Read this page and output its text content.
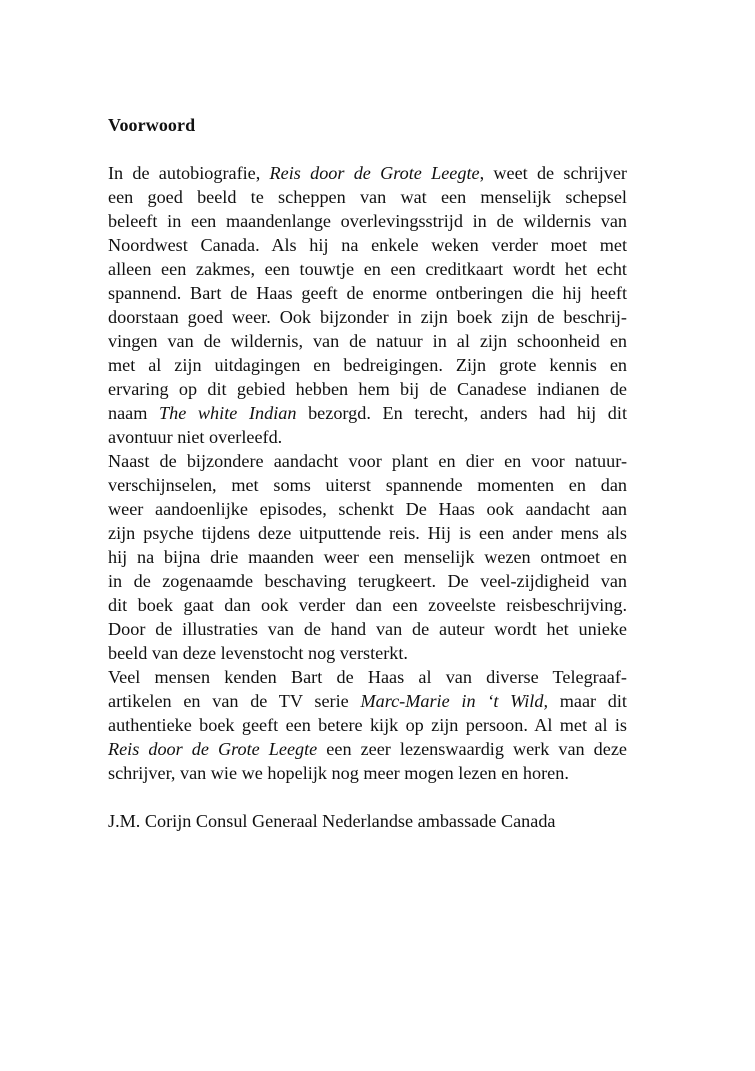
Voorwoord

In de autobiografie, Reis door de Grote Leegte, weet de schrijver
een goed beeld te scheppen van wat een menselijk schepsel
beleeft in een maandenlange overlevingsstrijd in de wildernis van
Noordwest Canada. Als hij na enkele weken verder moet met
alleen een zakmes, een touwtje en een creditkaart wordt het echt
spannend. Bart de Haas geeft de enorme ontberingen die hij heeft
doorstaan goed weer. Ook bijzonder in zijn boek zijn de beschrij-
vingen van de wildernis, van de natuur in al zijn schoonheid en
met al zijn uitdagingen en bedreigingen. Zijn grote kennis en
ervaring op dit gebied hebben hem bij de Canadese indianen de
naam The white Indian bezorgd. En terecht, anders had hij dit
avontuur niet overleefd.

Naast de bijzondere aandacht voor plant en dier en voor natuur-
verschijnselen, met soms uiterst spannende momenten en dan
weer aandoenlijke episodes, schenkt De Haas ook aandacht aan
zijn psyche tijdens deze uitputtende reis. Hij is een ander mens als
hij na bijna drie maanden weer een menselijk wezen ontmoet en
in de zogenaamde beschaving terugkeert. De veel-zijdigheid van
dit boek gaat dan ook verder dan een zoveelste reisbeschrijving.
Door de illustraties van de hand van de auteur wordt het unieke
beeld van deze levenstocht nog versterkt.

Veel mensen kenden Bart de Haas al van diverse Telegraaf-
artikelen en van de TV serie Marc-Marie in ‘t Wild, maar dit
authentieke boek geeft een betere kijk op zijn persoon. Al met al is
Reis door de Grote Leegte een zeer lezenswaardig werk van deze
schrijver, van wie we hopelijk nog meer mogen lezen en horen.

J.M. Corijn Consul Generaal Nederlandse ambassade Canada
